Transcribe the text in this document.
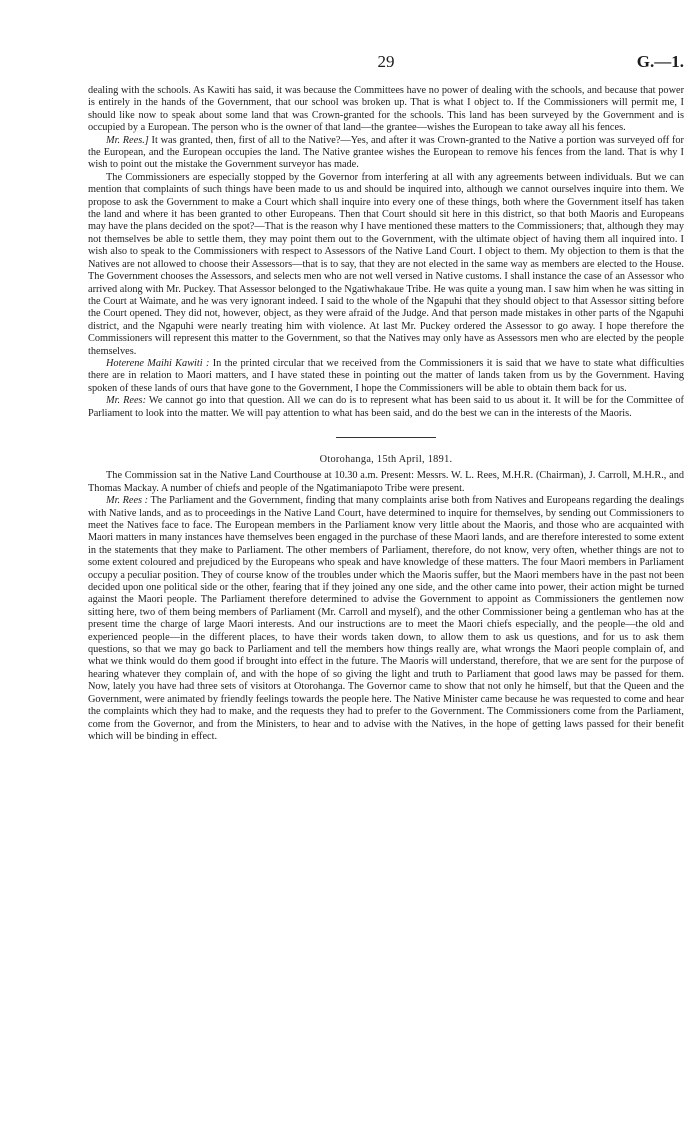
29	G.—1.

dealing with the schools. As Kawiti has said, it was because the Committees have no power of dealing with the schools, and because that power is entirely in the hands of the Government, that our school was broken up. That is what I object to. If the Commissioners will permit me, I should like now to speak about some land that was Crown-granted for the schools. This land has been surveyed by the Government and is occupied by a European. The person who is the owner of that land—the grantee—wishes the European to take away all his fences.

Mr. Rees.] It was granted, then, first of all to the Native?—Yes, and after it was Crown-granted to the Native a portion was surveyed off for the European, and the European occupies the land. The Native grantee wishes the European to remove his fences from the land. That is why I wish to point out the mistake the Government surveyor has made.

The Commissioners are especially stopped by the Governor from interfering at all with any agreements between individuals. But we can mention that complaints of such things have been made to us and should be inquired into, although we cannot ourselves inquire into them. We propose to ask the Government to make a Court which shall inquire into every one of these things, both where the Government itself has taken the land and where it has been granted to other Europeans. Then that Court should sit here in this district, so that both Maoris and Europeans may have the plans decided on the spot?—That is the reason why I have mentioned these matters to the Commissioners; that, although they may not themselves be able to settle them, they may point them out to the Government, with the ultimate object of having them all inquired into. I wish also to speak to the Commissioners with respect to Assessors of the Native Land Court. I object to them. My objection to them is that the Natives are not allowed to choose their Assessors—that is to say, that they are not elected in the same way as members are elected to the House. The Government chooses the Assessors, and selects men who are not well versed in Native customs. I shall instance the case of an Assessor who arrived along with Mr. Puckey. That Assessor belonged to the Ngatiwhakaue Tribe. He was quite a young man. I saw him when he was sitting in the Court at Waimate, and he was very ignorant indeed. I said to the whole of the Ngapuhi that they should object to that Assessor sitting before the Court opened. They did not, however, object, as they were afraid of the Judge. And that person made mistakes in other parts of the Ngapuhi district, and the Ngapuhi were nearly treating him with violence. At last Mr. Puckey ordered the Assessor to go away. I hope therefore the Commissioners will represent this matter to the Government, so that the Natives may only have as Assessors men who are elected by the people themselves.

Hoterene Maihi Kawiti : In the printed circular that we received from the Commissioners it is said that we have to state what difficulties there are in relation to Maori matters, and I have stated these in pointing out the matter of lands taken from us by the Government. Having spoken of these lands of ours that have gone to the Government, I hope the Commissioners will be able to obtain them back for us.

Mr. Rees: We cannot go into that question. All we can do is to represent what has been said to us about it. It will be for the Committee of Parliament to look into the matter. We will pay attention to what has been said, and do the best we can in the interests of the Maoris.

Otorohanga, 15th April, 1891.

The Commission sat in the Native Land Courthouse at 10.30 a.m. Present: Messrs. W. L. Rees, M.H.R. (Chairman), J. Carroll, M.H.R., and Thomas Mackay. A number of chiefs and people of the Ngatimaniapoto Tribe were present.

Mr. Rees : The Parliament and the Government, finding that many complaints arise both from Natives and Europeans regarding the dealings with Native lands, and as to proceedings in the Native Land Court, have determined to inquire for themselves, by sending out Commissioners to meet the Natives face to face. The European members in the Parliament know very little about the Maoris, and those who are acquainted with Maori matters in many instances have themselves been engaged in the purchase of these Maori lands, and are therefore interested to some extent in the statements that they make to Parliament. The other members of Parliament, therefore, do not know, very often, whether things are not to some extent coloured and prejudiced by the Europeans who speak and have knowledge of these matters. The four Maori members in Parliament occupy a peculiar position. They of course know of the troubles under which the Maoris suffer, but the Maori members have in the past not been decided upon one political side or the other, fearing that if they joined any one side, and the other came into power, their action might be turned against the Maori people. The Parliament therefore determined to advise the Government to appoint as Commissioners the gentlemen now sitting here, two of them being members of Parliament (Mr. Carroll and myself), and the other Commissioner being a gentleman who has at the present time the charge of large Maori interests. And our instructions are to meet the Maori chiefs especially, and the people—the old and experienced people—in the different places, to have their words taken down, to allow them to ask us questions, and for us to ask them questions, so that we may go back to Parliament and tell the members how things really are, what wrongs the Maori people complain of, and what we think would do them good if brought into effect in the future. The Maoris will understand, therefore, that we are sent for the purpose of hearing whatever they complain of, and with the hope of so giving the light and truth to Parliament that good laws may be passed for them. Now, lately you have had three sets of visitors at Otorohanga. The Governor came to show that not only he himself, but that the Queen and the Government, were animated by friendly feelings towards the people here. The Native Minister came because he was requested to come and hear the complaints which they had to make, and the requests they had to prefer to the Government. The Commissioners come from the Parliament, come from the Governor, and from the Ministers, to hear and to advise with the Natives, in the hope of getting laws passed for their benefit which will be binding in effect.
